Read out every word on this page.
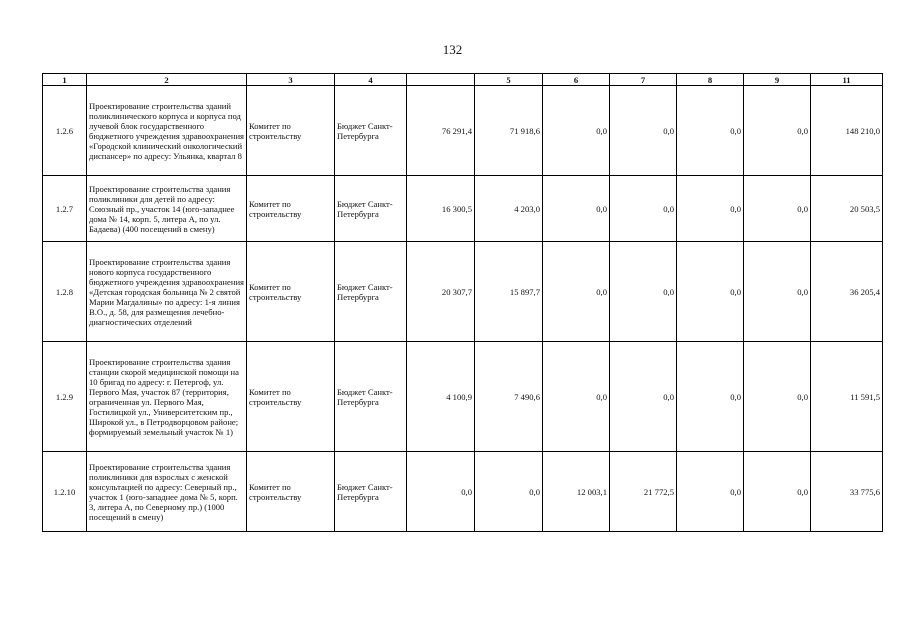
132
1	2	3	4		5	6	7	8	9	11
1.2.6	Проектирование строительства зданий поликлинического корпуса и корпуса под лучевой блок государственного бюджетного учреждения здравоохранения «Городской клинический онкологический диспансер» по адресу: Ульянка, квартал 8	Комитет по строительству	Бюджет Санкт-Петербурга	76 291,4	71 918,6	0,0	0,0	0,0	0,0	148 210,0
1.2.7	Проектирование строительства здания поликлиники для детей по адресу: Союзный пр., участок 14 (юго-западнее дома № 14, корп. 5, литера А, по ул. Бадаева) (400 посещений в смену)	Комитет по строительству	Бюджет Санкт-Петербурга	16 300,5	4 203,0	0,0	0,0	0,0	0,0	20 503,5
1.2.8	Проектирование строительства здания нового корпуса государственного бюджетного учреждения здравоохранения «Детская городская больница № 2 святой Марии Магдалины» по адресу: 1-я линия В.О., д. 58, для размещения лечебно-диагностических отделений	Комитет по строительству	Бюджет Санкт-Петербурга	20 307,7	15 897,7	0,0	0,0	0,0	0,0	36 205,4
1.2.9	Проектирование строительства здания станции скорой медицинской помощи на 10 бригад по адресу: г. Петергоф, ул. Первого Мая, участок 87 (территория, ограниченная ул. Первого Мая, Гостилицкой ул., Университетским пр., Широкой ул., в Петродворцовом районе; формируемый земельный участок № 1)	Комитет по строительству	Бюджет Санкт-Петербурга	4 100,9	7 490,6	0,0	0,0	0,0	0,0	11 591,5
1.2.10	Проектирование строительства здания поликлиники для взрослых с женской консультацией по адресу: Северный пр., участок 1 (юго-западнее дома № 5, корп. 3, литера А, по Северному пр.) (1000 посещений в смену)	Комитет по строительству	Бюджет Санкт-Петербурга	0,0	0,0	12 003,1	21 772,5	0,0	0,0	33 775,6
